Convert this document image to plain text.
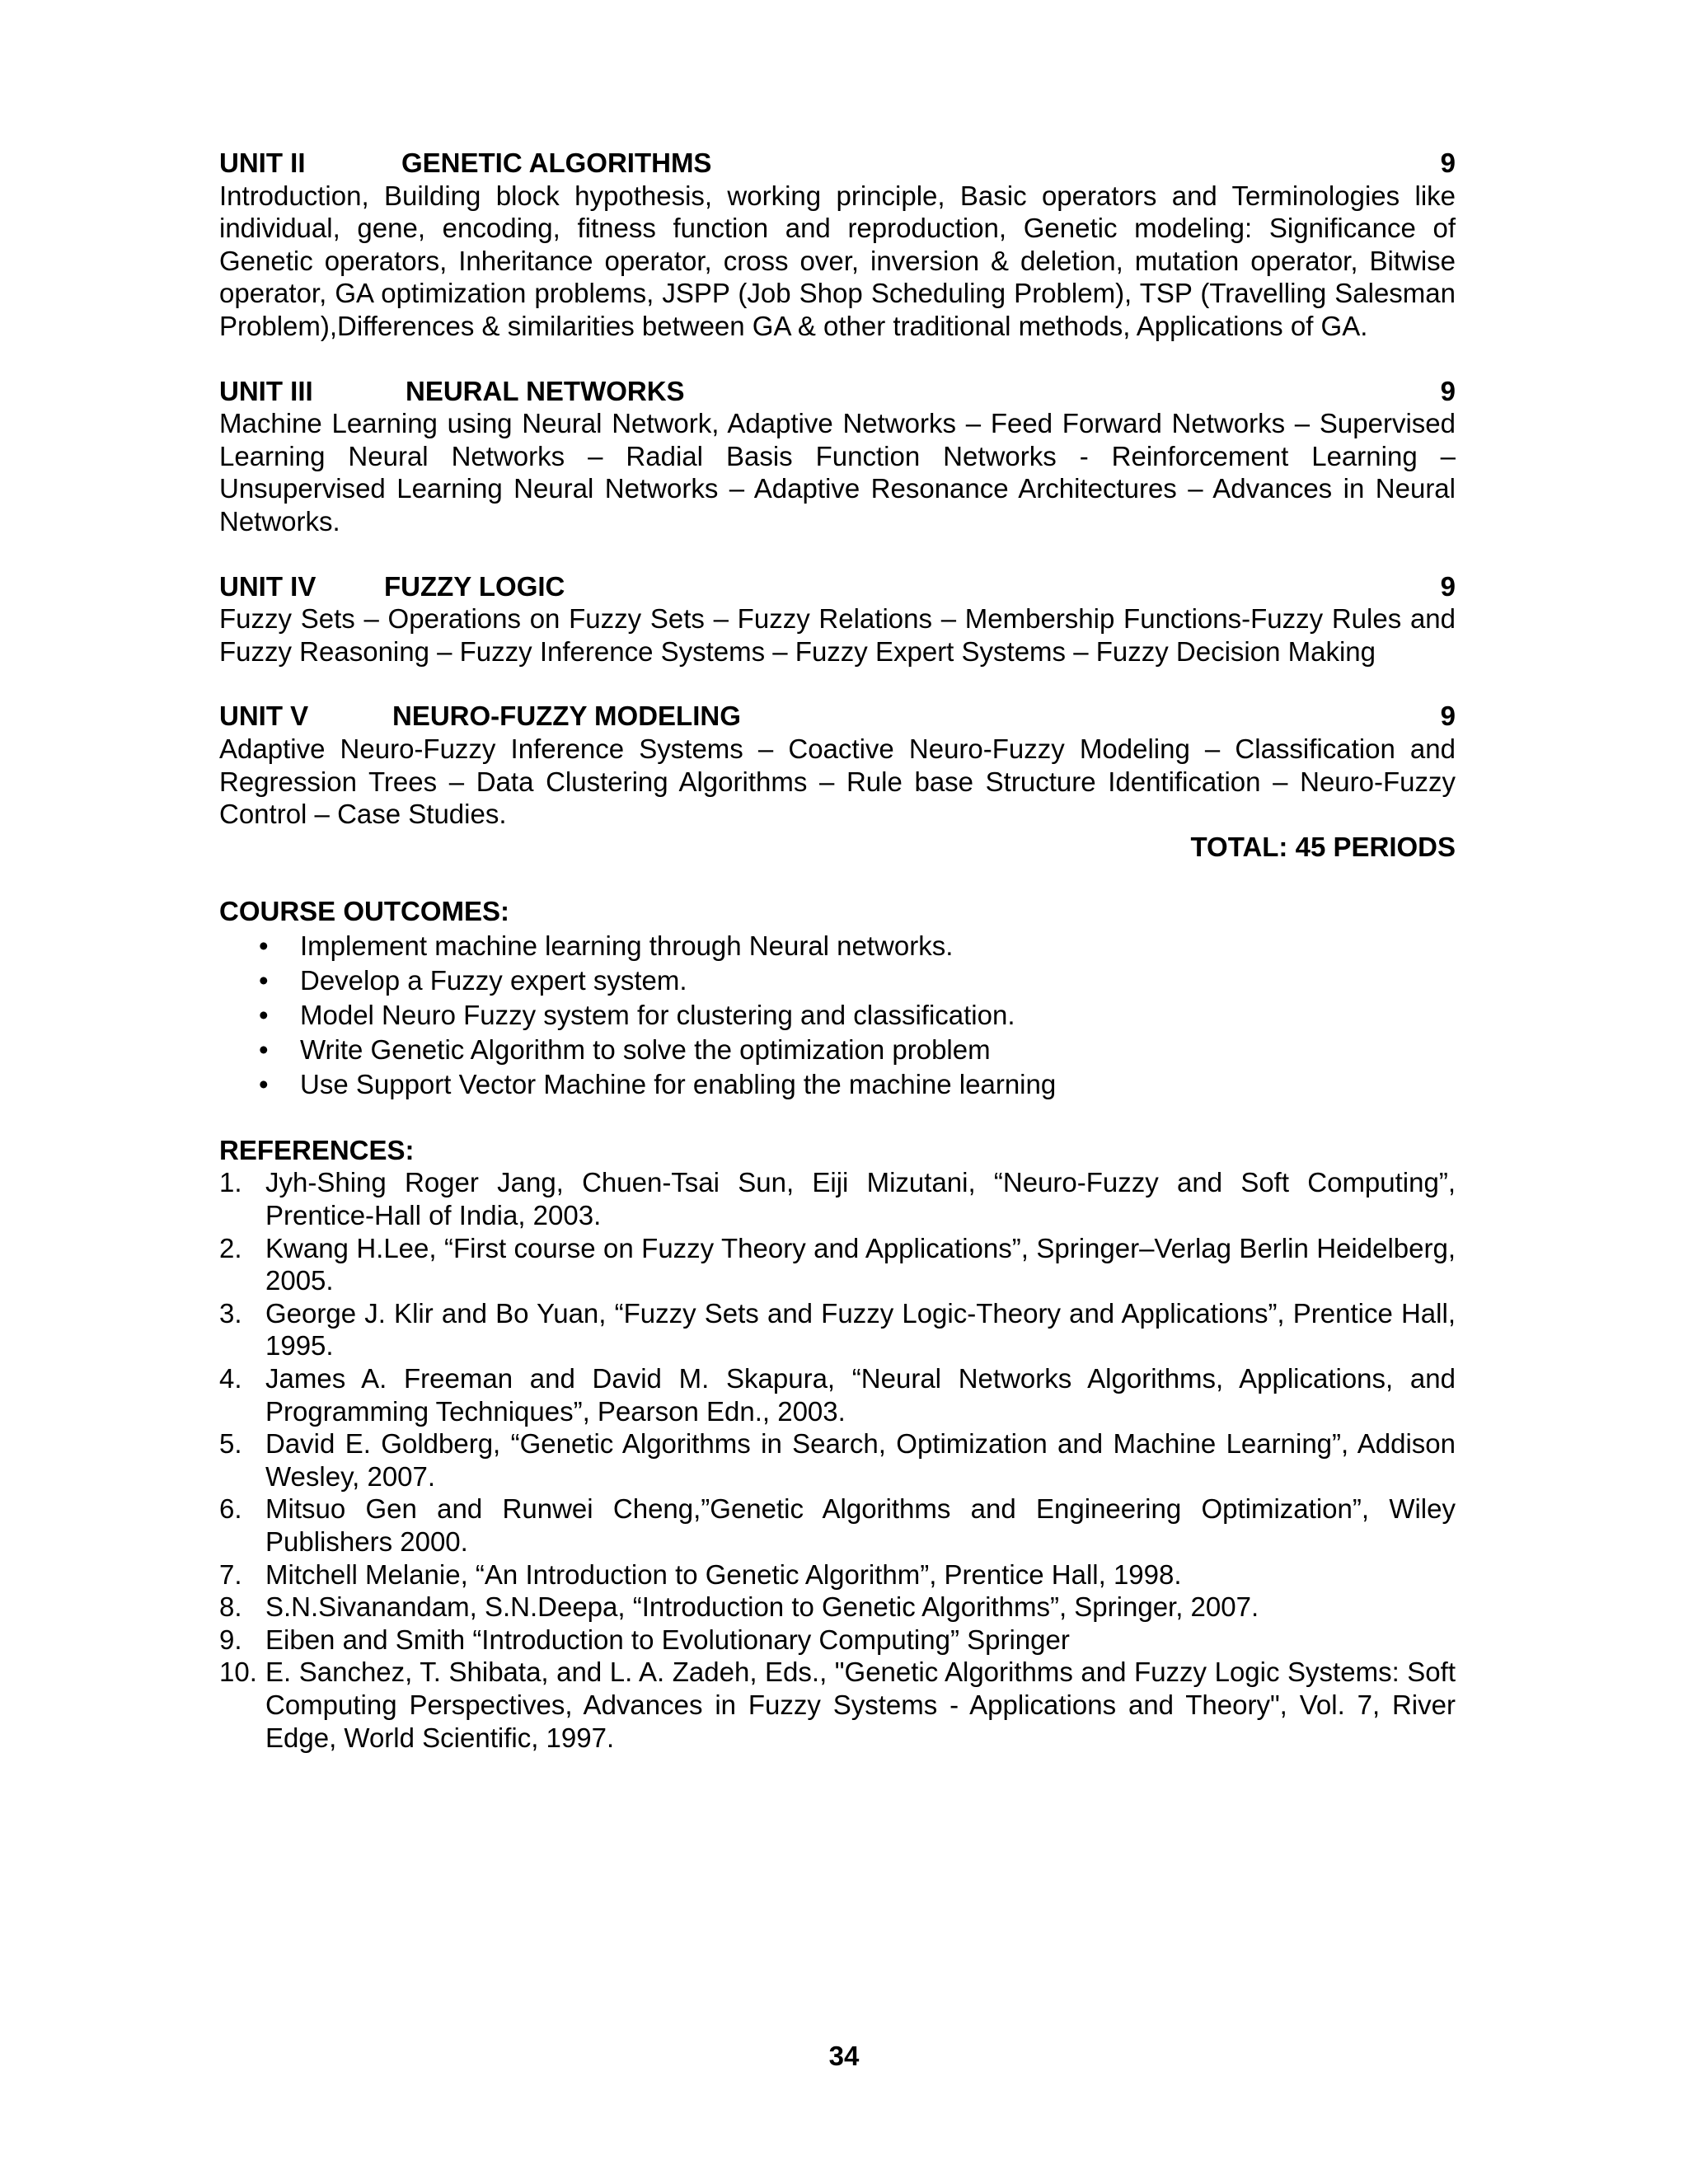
UNIT II	GENETIC ALGORITHMS	9
Introduction, Building block hypothesis, working principle, Basic operators and Terminologies like individual, gene, encoding, fitness function and reproduction, Genetic modeling: Significance of Genetic operators, Inheritance operator, cross over, inversion & deletion, mutation operator, Bitwise operator, GA optimization problems, JSPP (Job Shop Scheduling Problem), TSP (Travelling Salesman Problem),Differences & similarities between GA & other traditional methods, Applications of GA.
UNIT III	NEURAL NETWORKS	9
Machine Learning using Neural Network, Adaptive Networks – Feed Forward Networks – Supervised Learning Neural Networks – Radial Basis Function Networks - Reinforcement Learning – Unsupervised Learning Neural Networks – Adaptive Resonance Architectures – Advances in Neural Networks.
UNIT IV	FUZZY LOGIC	9
Fuzzy Sets – Operations on Fuzzy Sets – Fuzzy Relations – Membership Functions-Fuzzy Rules and Fuzzy Reasoning – Fuzzy Inference Systems – Fuzzy Expert Systems – Fuzzy Decision Making
UNIT V	NEURO-FUZZY MODELING	9
Adaptive Neuro-Fuzzy Inference Systems – Coactive Neuro-Fuzzy Modeling – Classification and Regression Trees – Data Clustering Algorithms – Rule base Structure Identification – Neuro-Fuzzy Control – Case Studies.
TOTAL: 45 PERIODS
COURSE OUTCOMES:
• Implement machine learning through Neural networks.
• Develop a Fuzzy expert system.
• Model Neuro Fuzzy system for clustering and classification.
• Write Genetic Algorithm to solve the optimization problem
• Use Support Vector Machine for enabling the machine learning
REFERENCES:
1. Jyh-Shing Roger Jang, Chuen-Tsai Sun, Eiji Mizutani, “Neuro-Fuzzy and Soft Computing”, Prentice-Hall of India, 2003.
2. Kwang H.Lee, “First course on Fuzzy Theory and Applications”, Springer–Verlag Berlin Heidelberg, 2005.
3. George J. Klir and Bo Yuan, “Fuzzy Sets and Fuzzy Logic-Theory and Applications”, Prentice Hall, 1995.
4. James A. Freeman and David M. Skapura, “Neural Networks Algorithms, Applications, and Programming Techniques”, Pearson Edn., 2003.
5. David E. Goldberg, “Genetic Algorithms in Search, Optimization and Machine Learning”, Addison Wesley, 2007.
6. Mitsuo Gen and Runwei Cheng,”Genetic Algorithms and Engineering Optimization”, Wiley Publishers 2000.
7. Mitchell Melanie, “An Introduction to Genetic Algorithm”, Prentice Hall, 1998.
8. S.N.Sivanandam, S.N.Deepa, “Introduction to Genetic Algorithms”, Springer, 2007.
9. Eiben and Smith “Introduction to Evolutionary Computing” Springer
10. E. Sanchez, T. Shibata, and L. A. Zadeh, Eds., "Genetic Algorithms and Fuzzy Logic Systems: Soft Computing Perspectives, Advances in Fuzzy Systems - Applications and Theory", Vol. 7, River Edge, World Scientific, 1997.
34
